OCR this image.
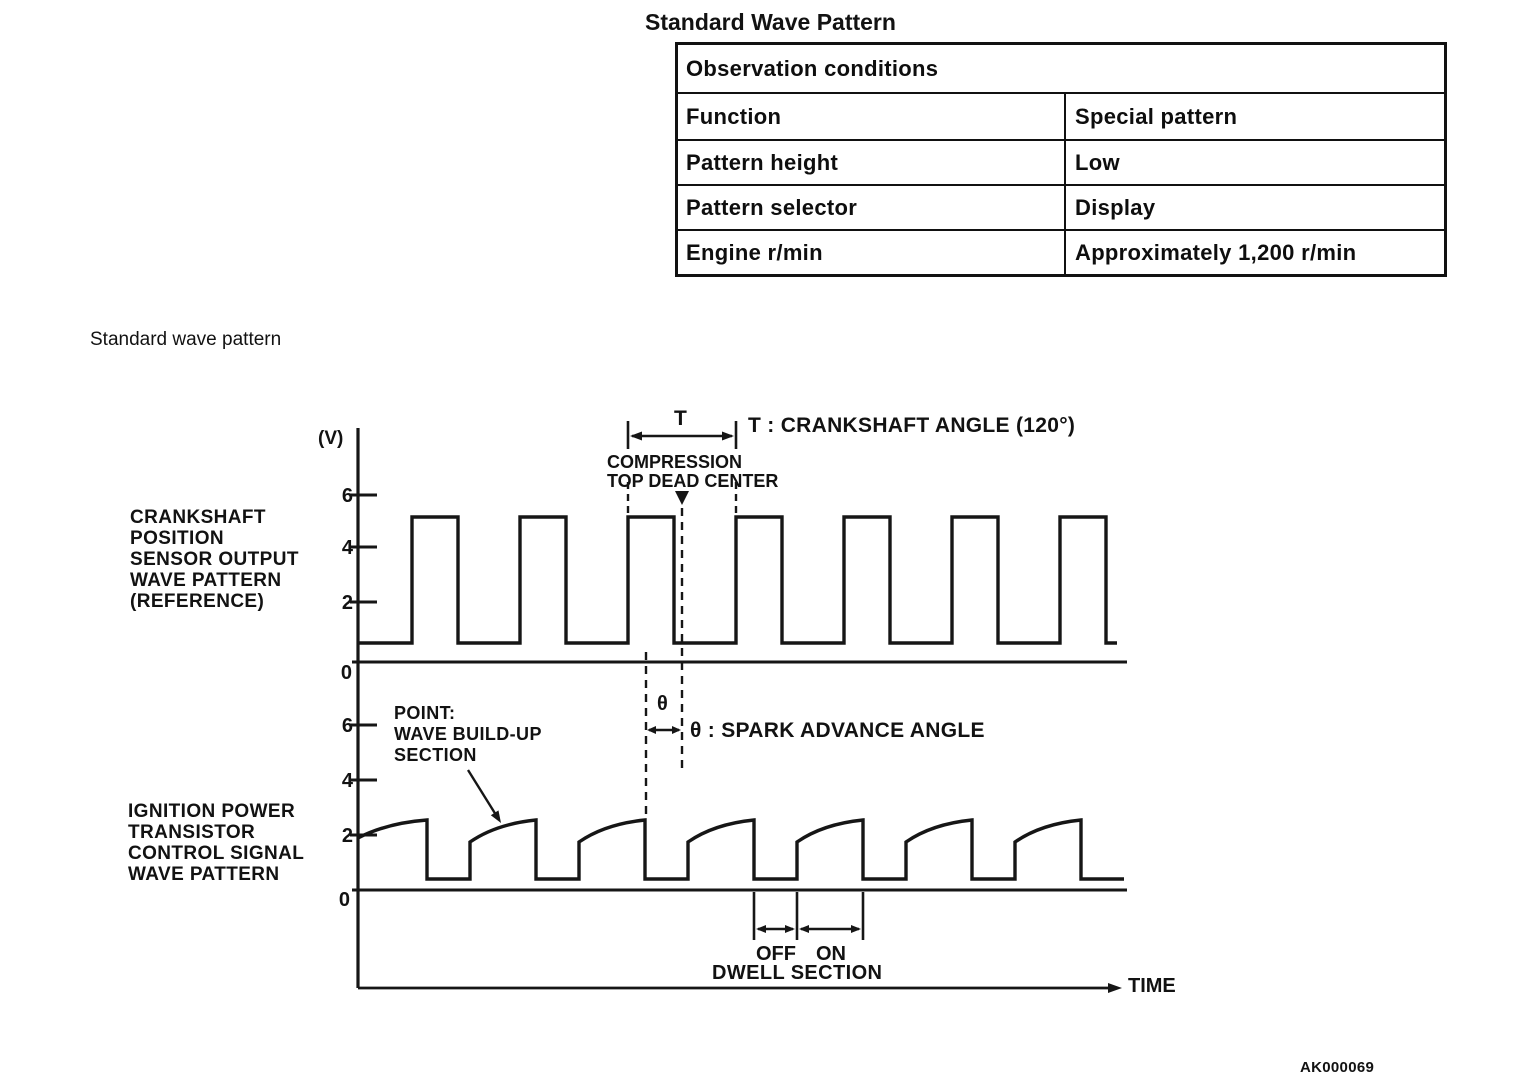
Standard Wave Pattern
Observation conditions
Function	Special pattern
Pattern height	Low
Pattern selector	Display
Engine r/min	Approximately 1,200 r/min
Standard wave pattern
CRANKSHAFT
POSITION
SENSOR OUTPUT
WAVE PATTERN
(REFERENCE)
IGNITION POWER
TRANSISTOR
CONTROL SIGNAL
WAVE PATTERN
(V)
6
4
2
0
6
4
2
0
T	T : CRANKSHAFT ANGLE (120°)
COMPRESSION
TOP DEAD CENTER
θ
θ : SPARK ADVANCE ANGLE
POINT:
WAVE BUILD-UP
SECTION
OFF	ON
DWELL SECTION
TIME
AK000069
